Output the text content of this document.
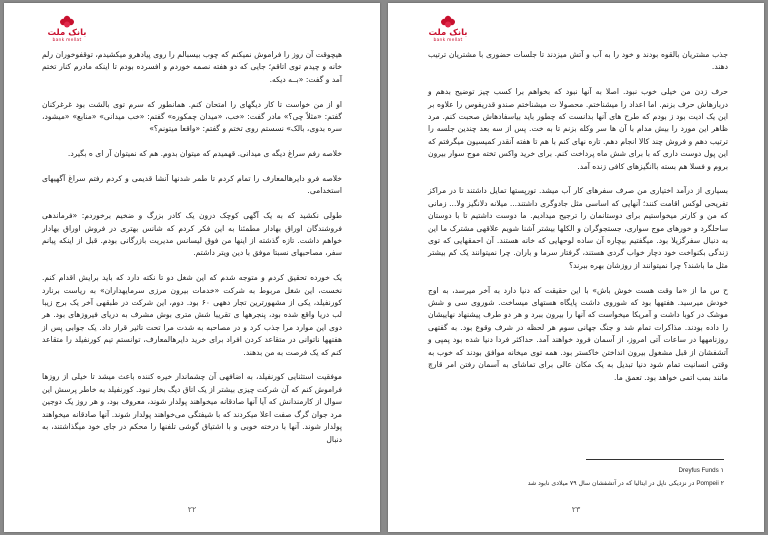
بانک ملت
bank mellat

هیچوقت آن روز را فراموش نمیکنم که چوب بیسبالم را روی پیادهرو میکشیدم، توقفوخوران رلم خانه و چیدم توی اتاقم؛ جایی که دو هفته نصمه خوردم و افسرده بودم تا اینکه مادرم کنار تختم آمد و گفت: «بــه دیکه.

او از من خواست تا کار دیگهای را امتحان کنم. همانطور که سرم توی بالشت بود غرغرکنان گفتم: «مثلاً چی؟» مادر گفت: «خب، «میدان چمکوره» گفتم: «خب میدانی» «منابع» «میشود، سره بدوی، بالک» نسستم روی تختم و گفتم: «واقعا میتونم؟»

خلاصه رفم سراغ دیگه ی میدانی. قهمیدم که میتوان بدوم. هم که نمیتوان آر ای ه بگیرد.

خلاصه فرو دایرهالمعارف را تمام کردم تا طمر شدنها آنشا قدیمی و کردم رفتم سراغ آگهیهای استخدامی.

طولی نکشید که به یک آگهی کوچک درون یک کادر بزرگ و ضخیم برخوردم: «فرماندهی فروشندگان اوراق بهادار مطمئنا به این فکر کردم که شانس بهتری در فروش اوراق بهادار خواهم داشت. تازه گذشته از اینها من فوق لیسانس مدیریت بازرگانی بودم. قبل از اینکه پیانم سفر، مصاحبهای نسبتا موفق با دین ویتر داشتم.

یک خورده تحقیق کردم و متوجه شدم که این شغل دو تا نکته دارد که باید برایش اقدام کنم. نخست، این شغل مربوط به شرکت «خدمات بیرون مرزی سرمایهداران» به ریاست برنارد کورنفیلد، یکی از مشهورترین تجار دههی ۶۰ بود. دوم، این شرکت در طبقهی آخر یک برج زیبا لب دریا واقع شده بود، پنجرهها ی تقریبا شش متری بوش مشرف به دریای فیروزهای بود. هر دوی این موارد مرا جذب کرد و در مصاحبه به شدت مرا تحت تاثیر قرار داد. یک جوابی پس از هفتهها ناتوانی در متقاعد کردن افراد برای خرید دایرهالمعارف، توانستم تیم کورنفیلد را متقاعد کنم که یک فرصت به من بدهند.

موفقیت استثنایی کورنفیلد، به اضافهی آن چشماندار خیره کننده باعث میشد تا خیلی از روزها فراموش کنم که آن شرکت چیزی بیشتر از یک اتاق دیگ بخار نبود. کورنفیلد به خاطر پرسش این سوال از کارمندانش که آیا آنها صادقانه میخواهند پولدار شوند، معروف بود، و هر روز یک دوجین مرد جوان گرگ صفت اعلا میکردند که با شیفتگی می‌خواهند پولدار شوند. آنها صادقانه میخواهند پولدار شوند. آنها با درخته خوبی و با اشتیاق گوشی تلفنها را محکم در جای خود میگذاشتند، به دنبال

۲۲
بانک ملت
bank mellat

جذب مشتریان بالقوه بودند و خود را به آب و آتش میزدند تا جلسات حضوری با مشتریان ترتیب دهند.

حرف زدن من خیلی خوب نبود. اصلا به آنها نبود که بخواهم برا کسب چیز توضیح بدهم و دربارهاش حرف بزنم. اما اعداد را میشناختم. محصولا ت میشناختم صندو قدریفوس را علاوه بر این یک ادیت بود ز بودم که طرح های آنها بدانست که چطور باید بیاسفادهاش صحبت کنم. مرد ظاهر این مورد را بیش مدام با آن ها سر وکله بزنم تا به خت. پس از سه بعد چندین جلسه را ترتیب دهم و فروش چند کالا انجام دهم. تاره نهای کنم با هم تا هفته آنقدر کمیسیون میگرفتم که این پول دوست داری که با برای شش ماه پرداخت کنم. برای خرید واکس تخته موج سوار بیرون بروم و فسلا هم بسته باانگیزهای کافی زنده آمد.

بسیاری از درآمد اختیاری من صرف سفرهای کار آب میشد. تورپستها تمایل داشتند تا در مراکز تفریحی لوکس اقامت کنند؛ آنهایی که اساسی مثل جادوگری داشتند... میلانه دلانگیز ولا... زمانی که من و کارتر میخواستیم برای دوستانمان را ترجیح میدادیم. ما دوست داشتیم تا با دوستان ساحلگرد و خورهای موج سواری، جستجوگران و الکلها بیشتر آشنا شویم علاقهی مشترک ما این به دنبال سفرگزیلا بود. میگفتیم بیچاره آن ساده لوحهایی که خانه هستند. آن احمقهایی که توی زندگی بکنواخت خود دچار خواب گردی هستند، گرفتار سرما و باران. چرا نمیتوانند یک کم بیشتر مثل ما باشند؟ چرا نمیتوانند از روزشان بهره ببرند؟

ح س ما از «ما وقت هست خوش باش» با این حقیقت که دنیا دارد به آخر میرسد، به اوج خودش میرسید. هفتهها بود که شوروی داشت پایگاه هستهای میساخت. شوروی سی و شش موشک در کوبا داشت و آمریکا میخواست که آنها را بیرون ببرد و هر دو طرف پیشنهاد نهاییشان را داده بودند. مذاکرات تمام شد و جنگ جهانی سوم هر لحظه در شرف وقوع بود. به گفتهی روزنامهها در ساعات آتی امروز، از آسمان فرود خواهند آمد. حداکثر فردا دنیا شده بود پمپی و آتشفشان از قبل مشغول بیرون انداختن خاکستر بود. همه توی میخانه موافق بودند که خوب به وقتی انسانیت تمام شود دنیا تبدیل به یک مکان عالی برای تماشای به آسمان رفتن امر قارچ مانند بمب اتمی خواهد بود. تعمق ما.

۱ Dreyfus Funds
۲ Pompeii در نزدیکی ناپل در ایتالیا که در آتشفشان سال ۷۹ میلادی نابود شد
۲۳
